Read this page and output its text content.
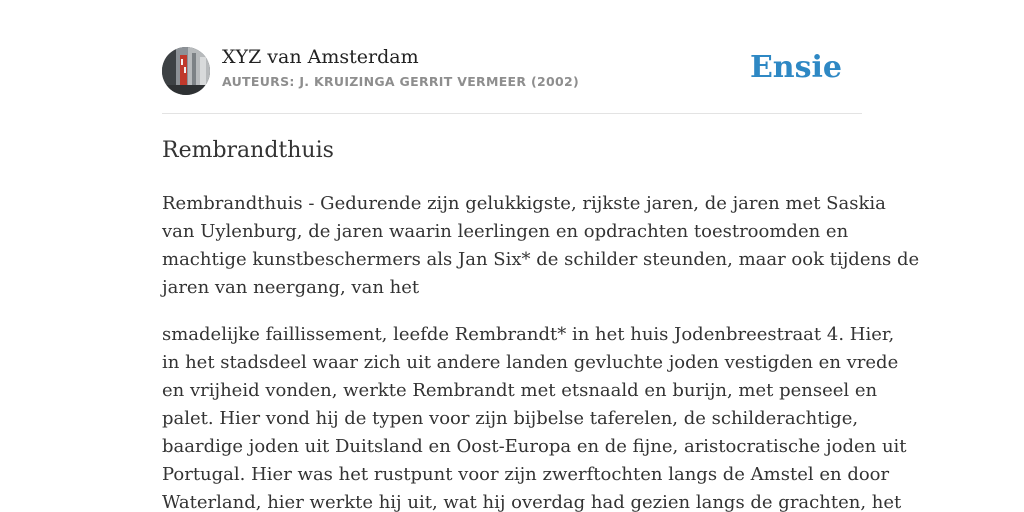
XYZ van Amsterdam
AUTEURS: J. KRUIZINGA GERRIT VERMEER (2002)	Ensie
Rembrandthuis

Rembrandthuis - Gedurende zijn gelukkigste, rijkste jaren, de jaren met Saskia
van Uylenburg, de jaren waarin leerlingen en opdrachten toestroomden en
machtige kunstbeschermers als Jan Six* de schilder steunden, maar ook tijdens de
jaren van neergang, van het

smadelijke faillissement, leefde Rembrandt* in het huis Jodenbreestraat 4. Hier,
in het stadsdeel waar zich uit andere landen gevluchte joden vestigden en vrede
en vrijheid vonden, werkte Rembrandt met etsnaald en burijn, met penseel en
palet. Hier vond hij de typen voor zijn bijbelse taferelen, de schilderachtige,
baardige joden uit Duitsland en Oost-Europa en de fijne, aristocratische joden uit
Portugal. Hier was het rustpunt voor zijn zwerftochten langs de Amstel en door
Waterland, hier werkte hij uit, wat hij overdag had gezien langs de grachten, het
